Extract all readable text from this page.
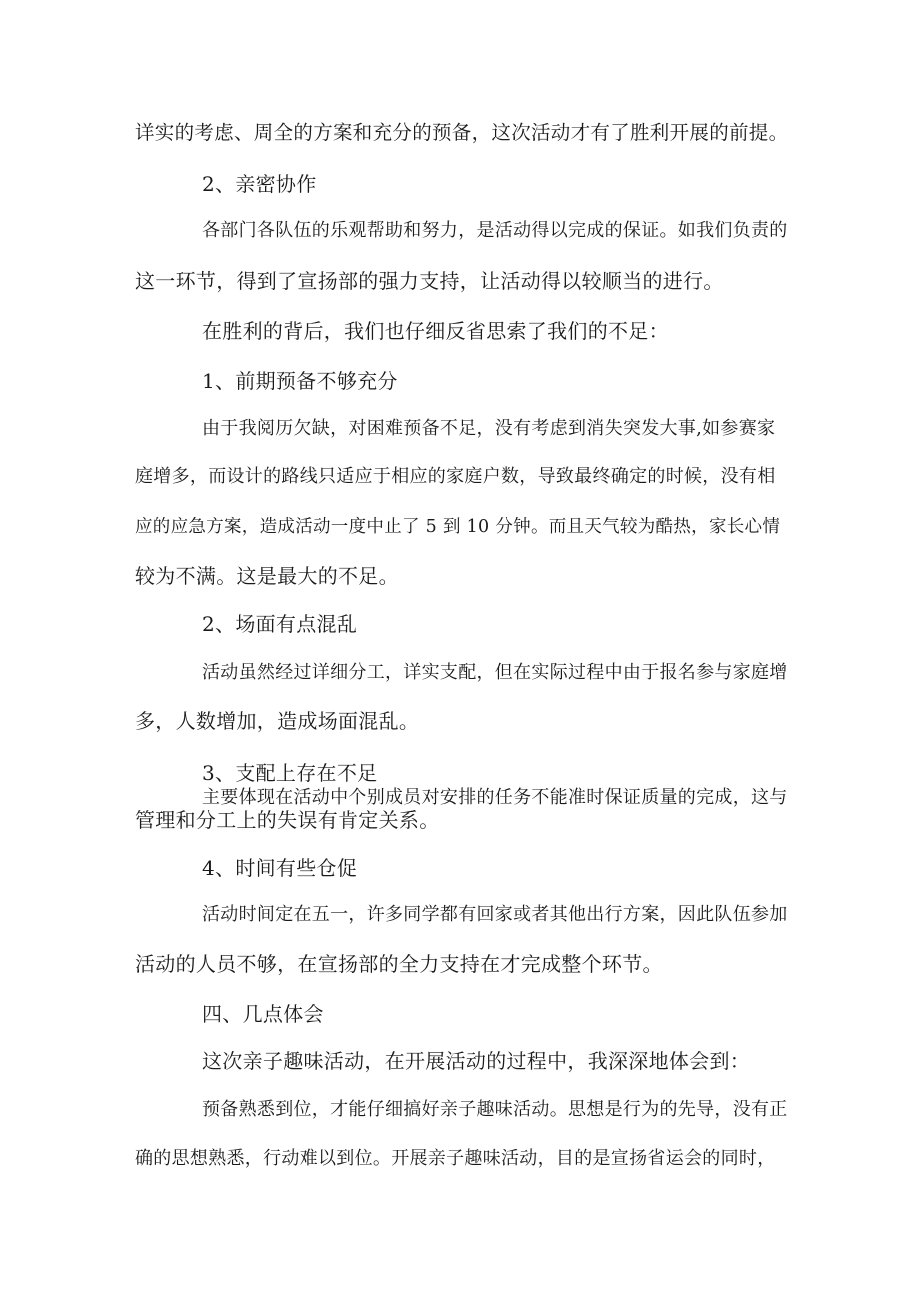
详实的考虑、周全的方案和充分的预备，这次活动才有了胜利开展的前提。
2、亲密协作
各部门各队伍的乐观帮助和努力，是活动得以完成的保证。如我们负责的
这一环节，得到了宣扬部的强力支持，让活动得以较顺当的进行。
在胜利的背后，我们也仔细反省思索了我们的不足：
1、前期预备不够充分
由于我阅历欠缺，对困难预备不足，没有考虑到消失突发大事,如参赛家
庭增多，而设计的路线只适应于相应的家庭户数，导致最终确定的时候，没有相
应的应急方案，造成活动一度中止了 5 到 10 分钟。而且天气较为酷热，家长心情
较为不满。这是最大的不足。
2、场面有点混乱
活动虽然经过详细分工，详实支配，但在实际过程中由于报名参与家庭增
多，人数增加，造成场面混乱。
3、支配上存在不足
主要体现在活动中个别成员对安排的任务不能准时保证质量的完成，这与
管理和分工上的失误有肯定关系。
4、时间有些仓促
活动时间定在五一，许多同学都有回家或者其他出行方案，因此队伍参加
活动的人员不够，在宣扬部的全力支持在才完成整个环节。
四、几点体会
这次亲子趣味活动，在开展活动的过程中，我深深地体会到：
预备熟悉到位，才能仔细搞好亲子趣味活动。思想是行为的先导，没有正
确的思想熟悉，行动难以到位。开展亲子趣味活动，目的是宣扬省运会的同时，
